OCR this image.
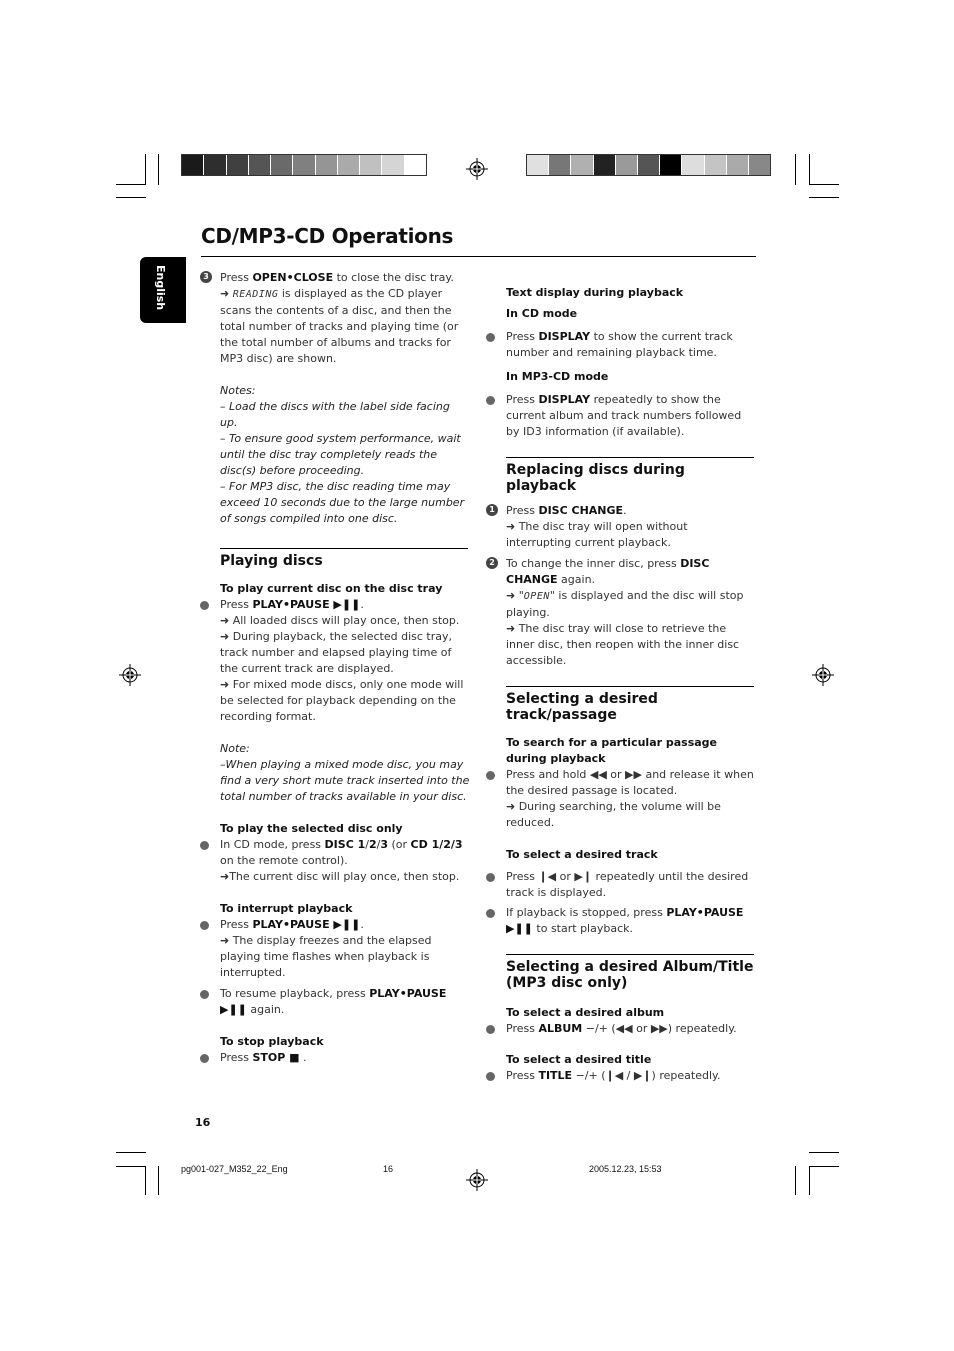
CD/MP3-CD Operations
English	3 Press OPEN•CLOSE to close the disc tray.

➜ READING is displayed as the CD player scans the contents of a disc, and then the total number of tracks and playing time (or the total number of albums and tracks for MP3 disc) are shown.

Notes:

– Load the discs with the label side facing up.

– To ensure good system performance, wait until the disc tray completely reads the disc(s) before proceeding.

– For MP3 disc, the disc reading time may exceed 10 seconds due to the large number of songs compiled into one disc.

Playing discs

To play current disc on the disc tray

Press PLAY•PAUSE ▶❚❚.

➜ All loaded discs will play once, then stop.

➜ During playback, the selected disc tray, track number and elapsed playing time of the current track are displayed.

➜ For mixed mode discs, only one mode will be selected for playback depending on the recording format.

Note:

–When playing a mixed mode disc, you may find a very short mute track inserted into the total number of tracks available in your disc.

To play the selected disc only

In CD mode, press DISC 1/2/3 (or CD 1/2/3 on the remote control).

➜The current disc will play once, then stop.

To interrupt playback

Press PLAY•PAUSE ▶❚❚.

➜ The display freezes and the elapsed playing time flashes when playback is interrupted.

To resume playback, press PLAY•PAUSE ▶❚❚ again.

To stop playback

Press STOP ■ .

Text display during playback

In CD mode

Press DISPLAY to show the current track number and remaining playback time.

In MP3-CD mode

Press DISPLAY repeatedly to show the current album and track numbers followed by ID3 information (if available).

Replacing discs during playback

1 Press DISC CHANGE.

➜ The disc tray will open without interrupting current playback.

2 To change the inner disc, press DISC CHANGE again.

➜ "OPEN" is displayed and the disc will stop playing.

➜ The disc tray will close to retrieve the inner disc, then reopen with the inner disc accessible.

Selecting a desired track/passage

To search for a particular passage during playback

Press and hold ◀◀ or ▶▶ and release it when the desired passage is located.

➜ During searching, the volume will be reduced.

To select a desired track

Press ❙◀ or ▶❙ repeatedly until the desired track is displayed.

If playback is stopped, press PLAY•PAUSE

▶❚❚ to start playback.

Selecting a desired Album/Title (MP3 disc only)

To select a desired album

Press ALBUM −/+ (◀◀ or ▶▶) repeatedly.

To select a desired title

Press TITLE −/+ (❙◀ / ▶❙) repeatedly.

16
pg001-027_M352_22_Eng	16	2005.12.23, 15:53
